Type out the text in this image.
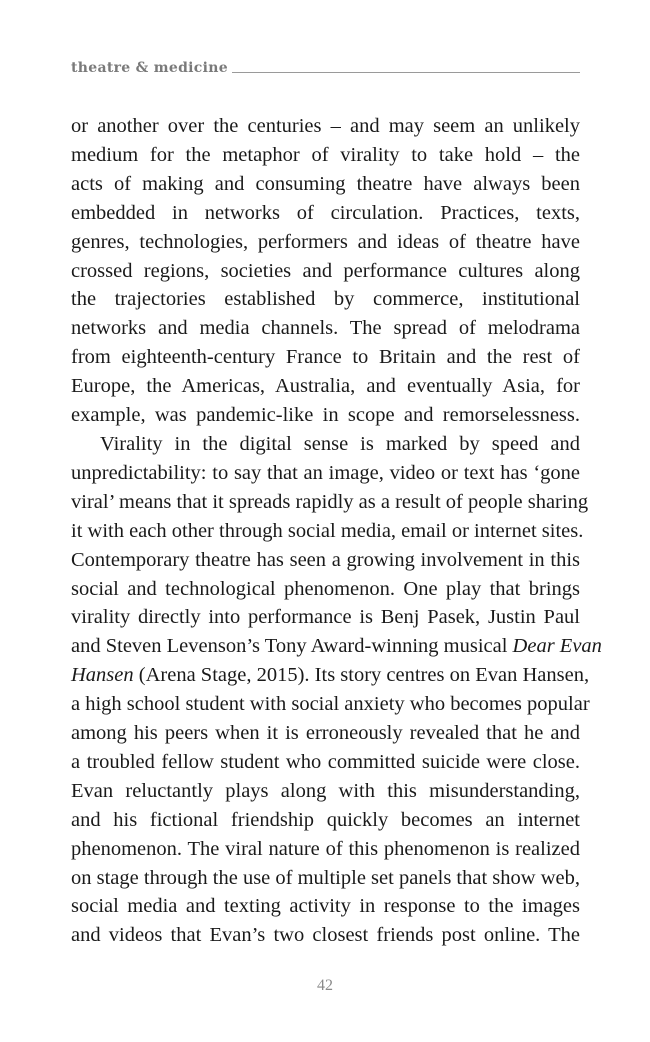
theatre & medicine
or another over the centuries – and may seem an unlikely
medium for the metaphor of virality to take hold – the
acts of making and consuming theatre have always been
embedded in networks of circulation. Practices, texts,
genres, technologies, performers and ideas of theatre have
crossed regions, societies and performance cultures along
the trajectories established by commerce, institutional
networks and media channels. The spread of melodrama
from eighteenth-century France to Britain and the rest of
Europe, the Americas, Australia, and eventually Asia, for
example, was pandemic-like in scope and remorselessness.
Virality in the digital sense is marked by speed and
unpredictability: to say that an image, video or text has ‘gone
viral’ means that it spreads rapidly as a result of people sharing
it with each other through social media, email or internet sites.
Contemporary theatre has seen a growing involvement in this
social and technological phenomenon. One play that brings
virality directly into performance is Benj Pasek, Justin Paul
and Steven Levenson’s Tony Award-winning musical Dear Evan
Hansen (Arena Stage, 2015). Its story centres on Evan Hansen,
a high school student with social anxiety who becomes popular
among his peers when it is erroneously revealed that he and
a troubled fellow student who committed suicide were close.
Evan reluctantly plays along with this misunderstanding,
and his fictional friendship quickly becomes an internet
phenomenon. The viral nature of this phenomenon is realized
on stage through the use of multiple set panels that show web,
social media and texting activity in response to the images
and videos that Evan’s two closest friends post online. The
42
